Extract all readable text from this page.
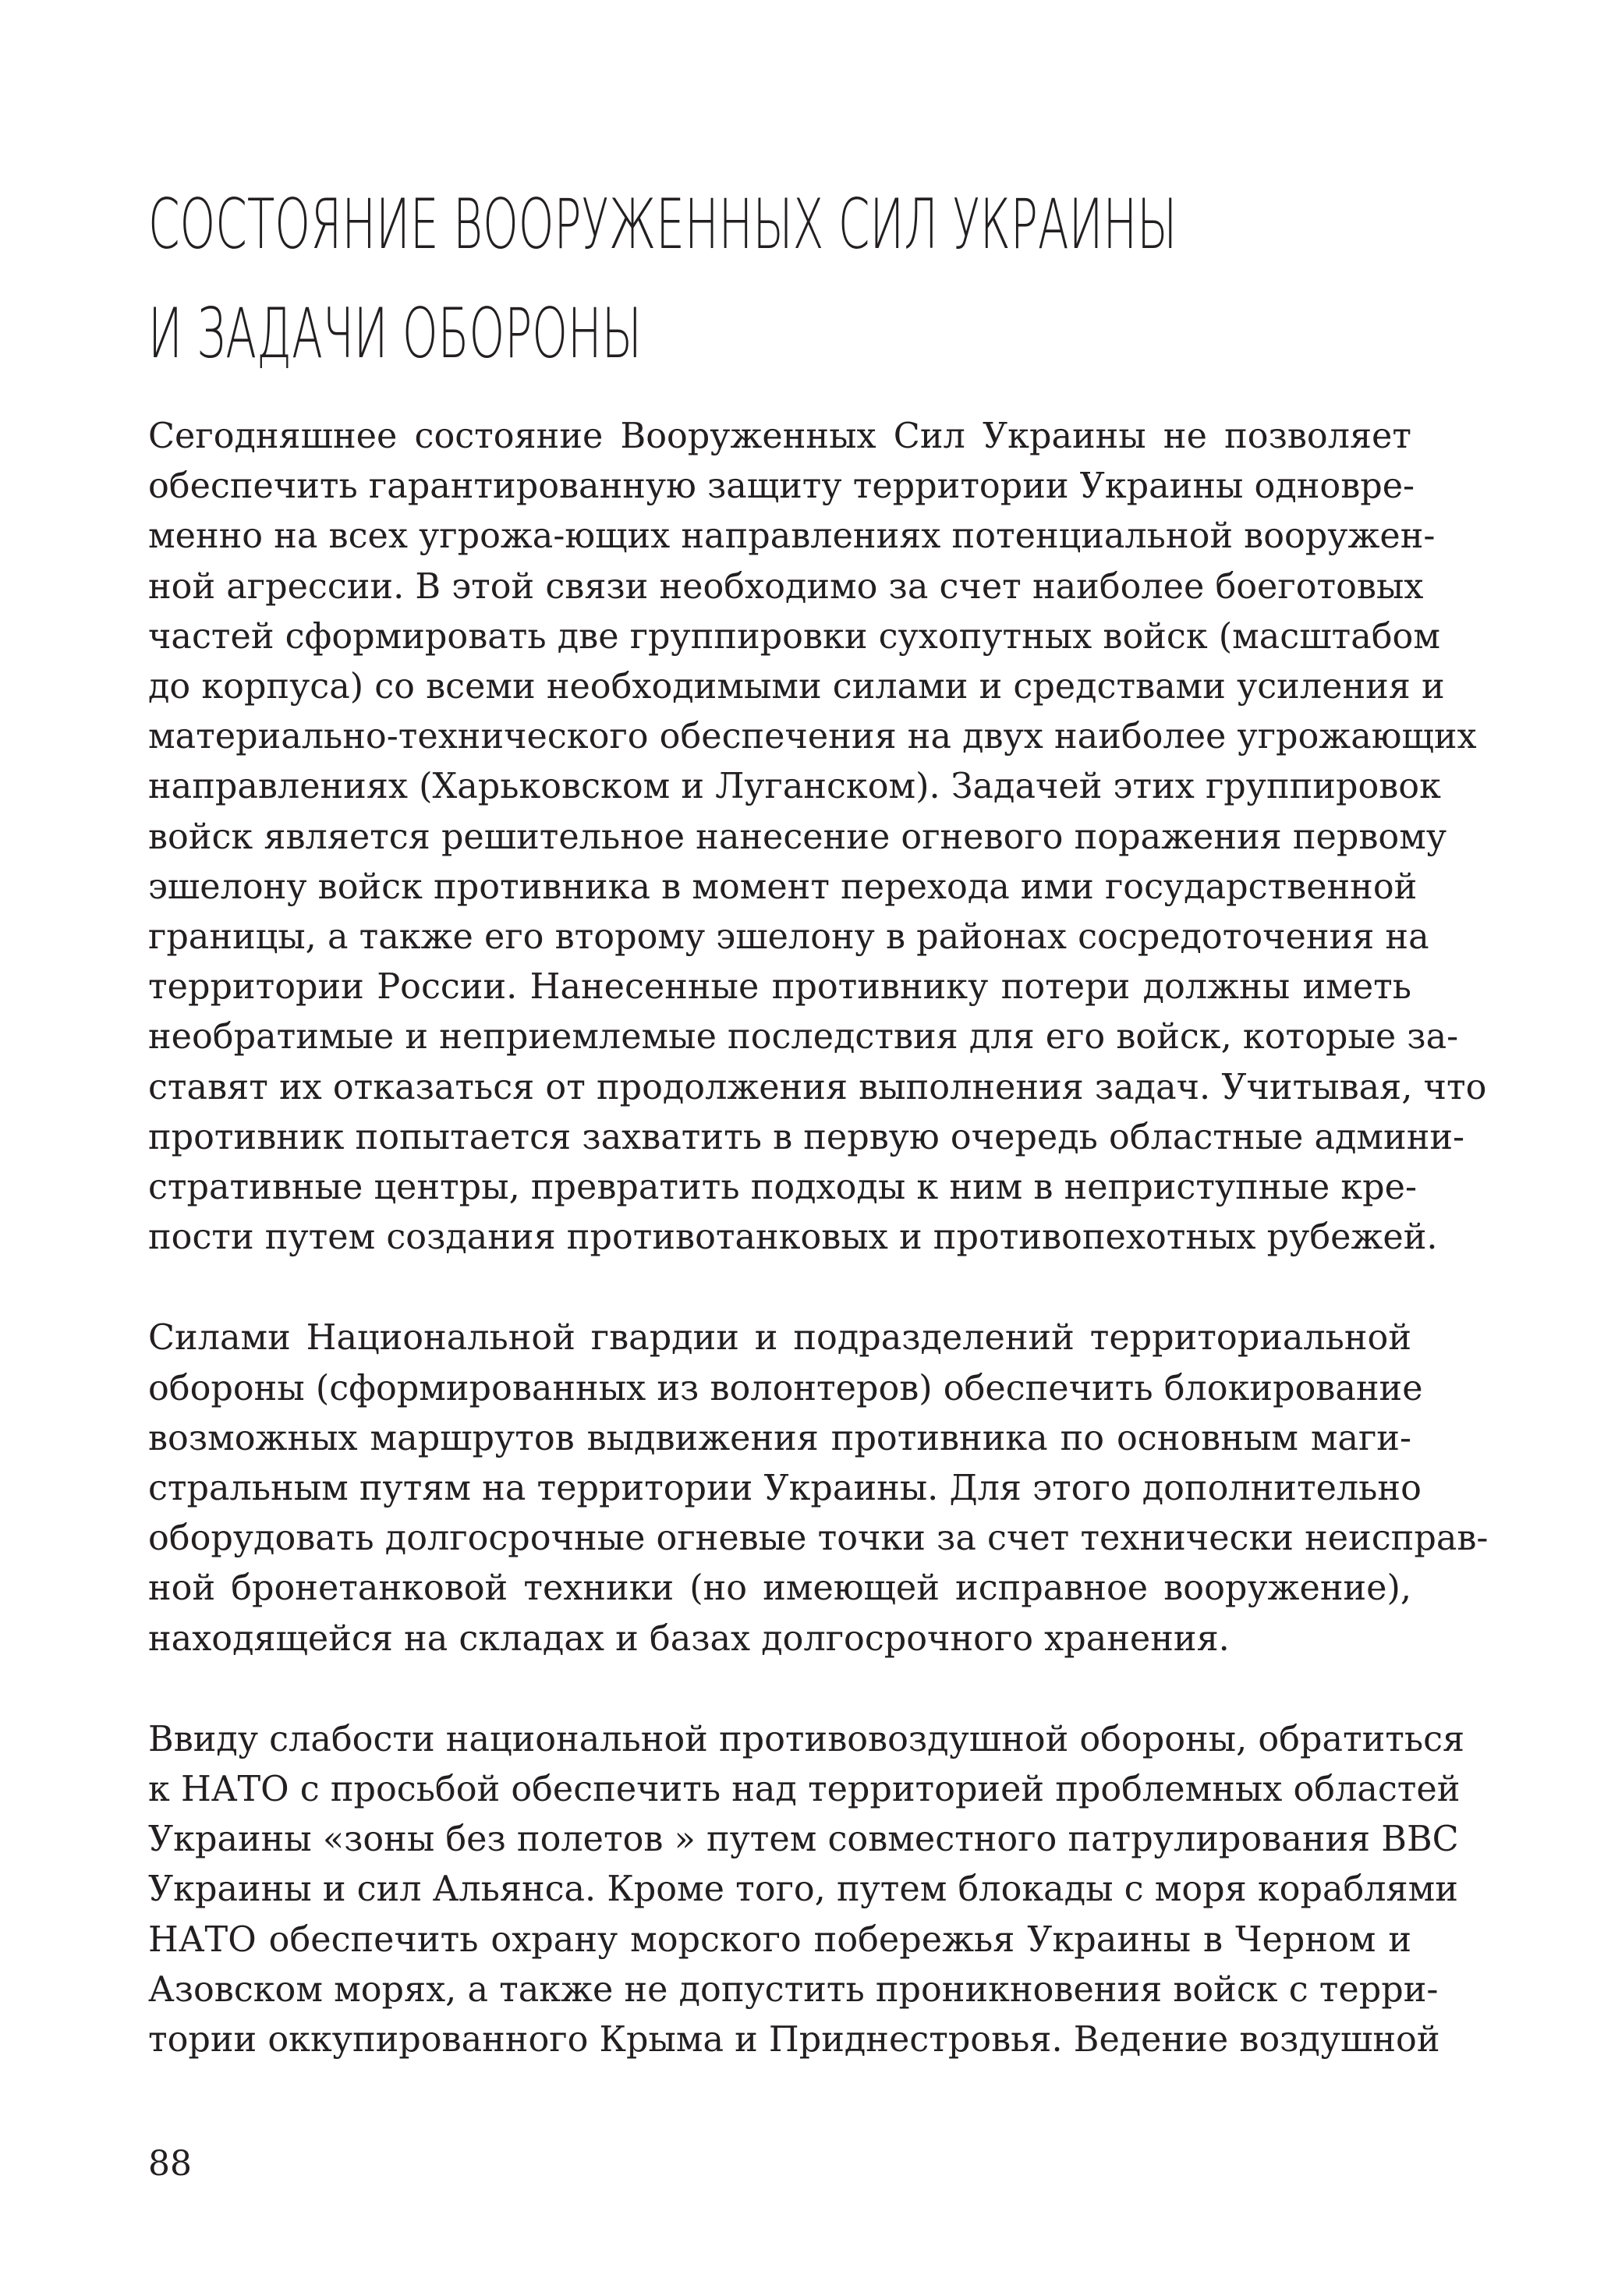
СОСТОЯНИЕ ВООРУЖЕННЫХ СИЛ УКРАИНЫ
И ЗАДАЧИ ОБОРОНЫ

Сегодняшнее состояние Вооруженных Сил Украины не позволяет
обеспечить гарантированную защиту территории Украины одновре-
менно на всех угрожа-ющих направлениях потенциальной вооружен-
ной агрессии. В этой связи необходимо за счет наиболее боеготовых
частей сформировать две группировки сухопутных войск (масштабом
до корпуса) со всеми необходимыми силами и средствами усиления и
материально-технического обеспечения на двух наиболее угрожающих
направлениях (Харьковском и Луганском). Задачей этих группировок
войск является решительное нанесение огневого поражения первому
эшелону войск противника в момент перехода ими государственной
границы, а также его второму эшелону в районах сосредоточения на
территории России. Нанесенные противнику потери должны иметь
необратимые и неприемлемые последствия для его войск, которые за-
ставят их отказаться от продолжения выполнения задач. Учитывая, что
противник попытается захватить в первую очередь областные админи-
стративные центры, превратить подходы к ним в неприступные кре-
пости путем создания противотанковых и противопехотных рубежей.

Силами Национальной гвардии и подразделений территориальной
обороны (сформированных из волонтеров) обеспечить блокирование
возможных маршрутов выдвижения противника по основным маги-
стральным путям на территории Украины. Для этого дополнительно
оборудовать долгосрочные огневые точки за счет технически неиспрaв-
ной бронетанковой техники (но имеющей исправное вооружение),
находящейся на складах и базах долгосрочного хранения.

Ввиду слабости национальной противовоздушной обороны, обратиться
к НАТО с просьбой обеспечить над территорией проблемных областей
Украины «зоны без полетов » путем совместного патрулирования ВВС
Украины и сил Альянса. Кроме того, путем блокады с моря кораблями
НАТО обеспечить охрану морского побережья Украины в Черном и
Азовском морях, а также не допустить проникновения войск с терри-
тории оккупированного Крыма и Приднестровья. Ведение воздушной

88
